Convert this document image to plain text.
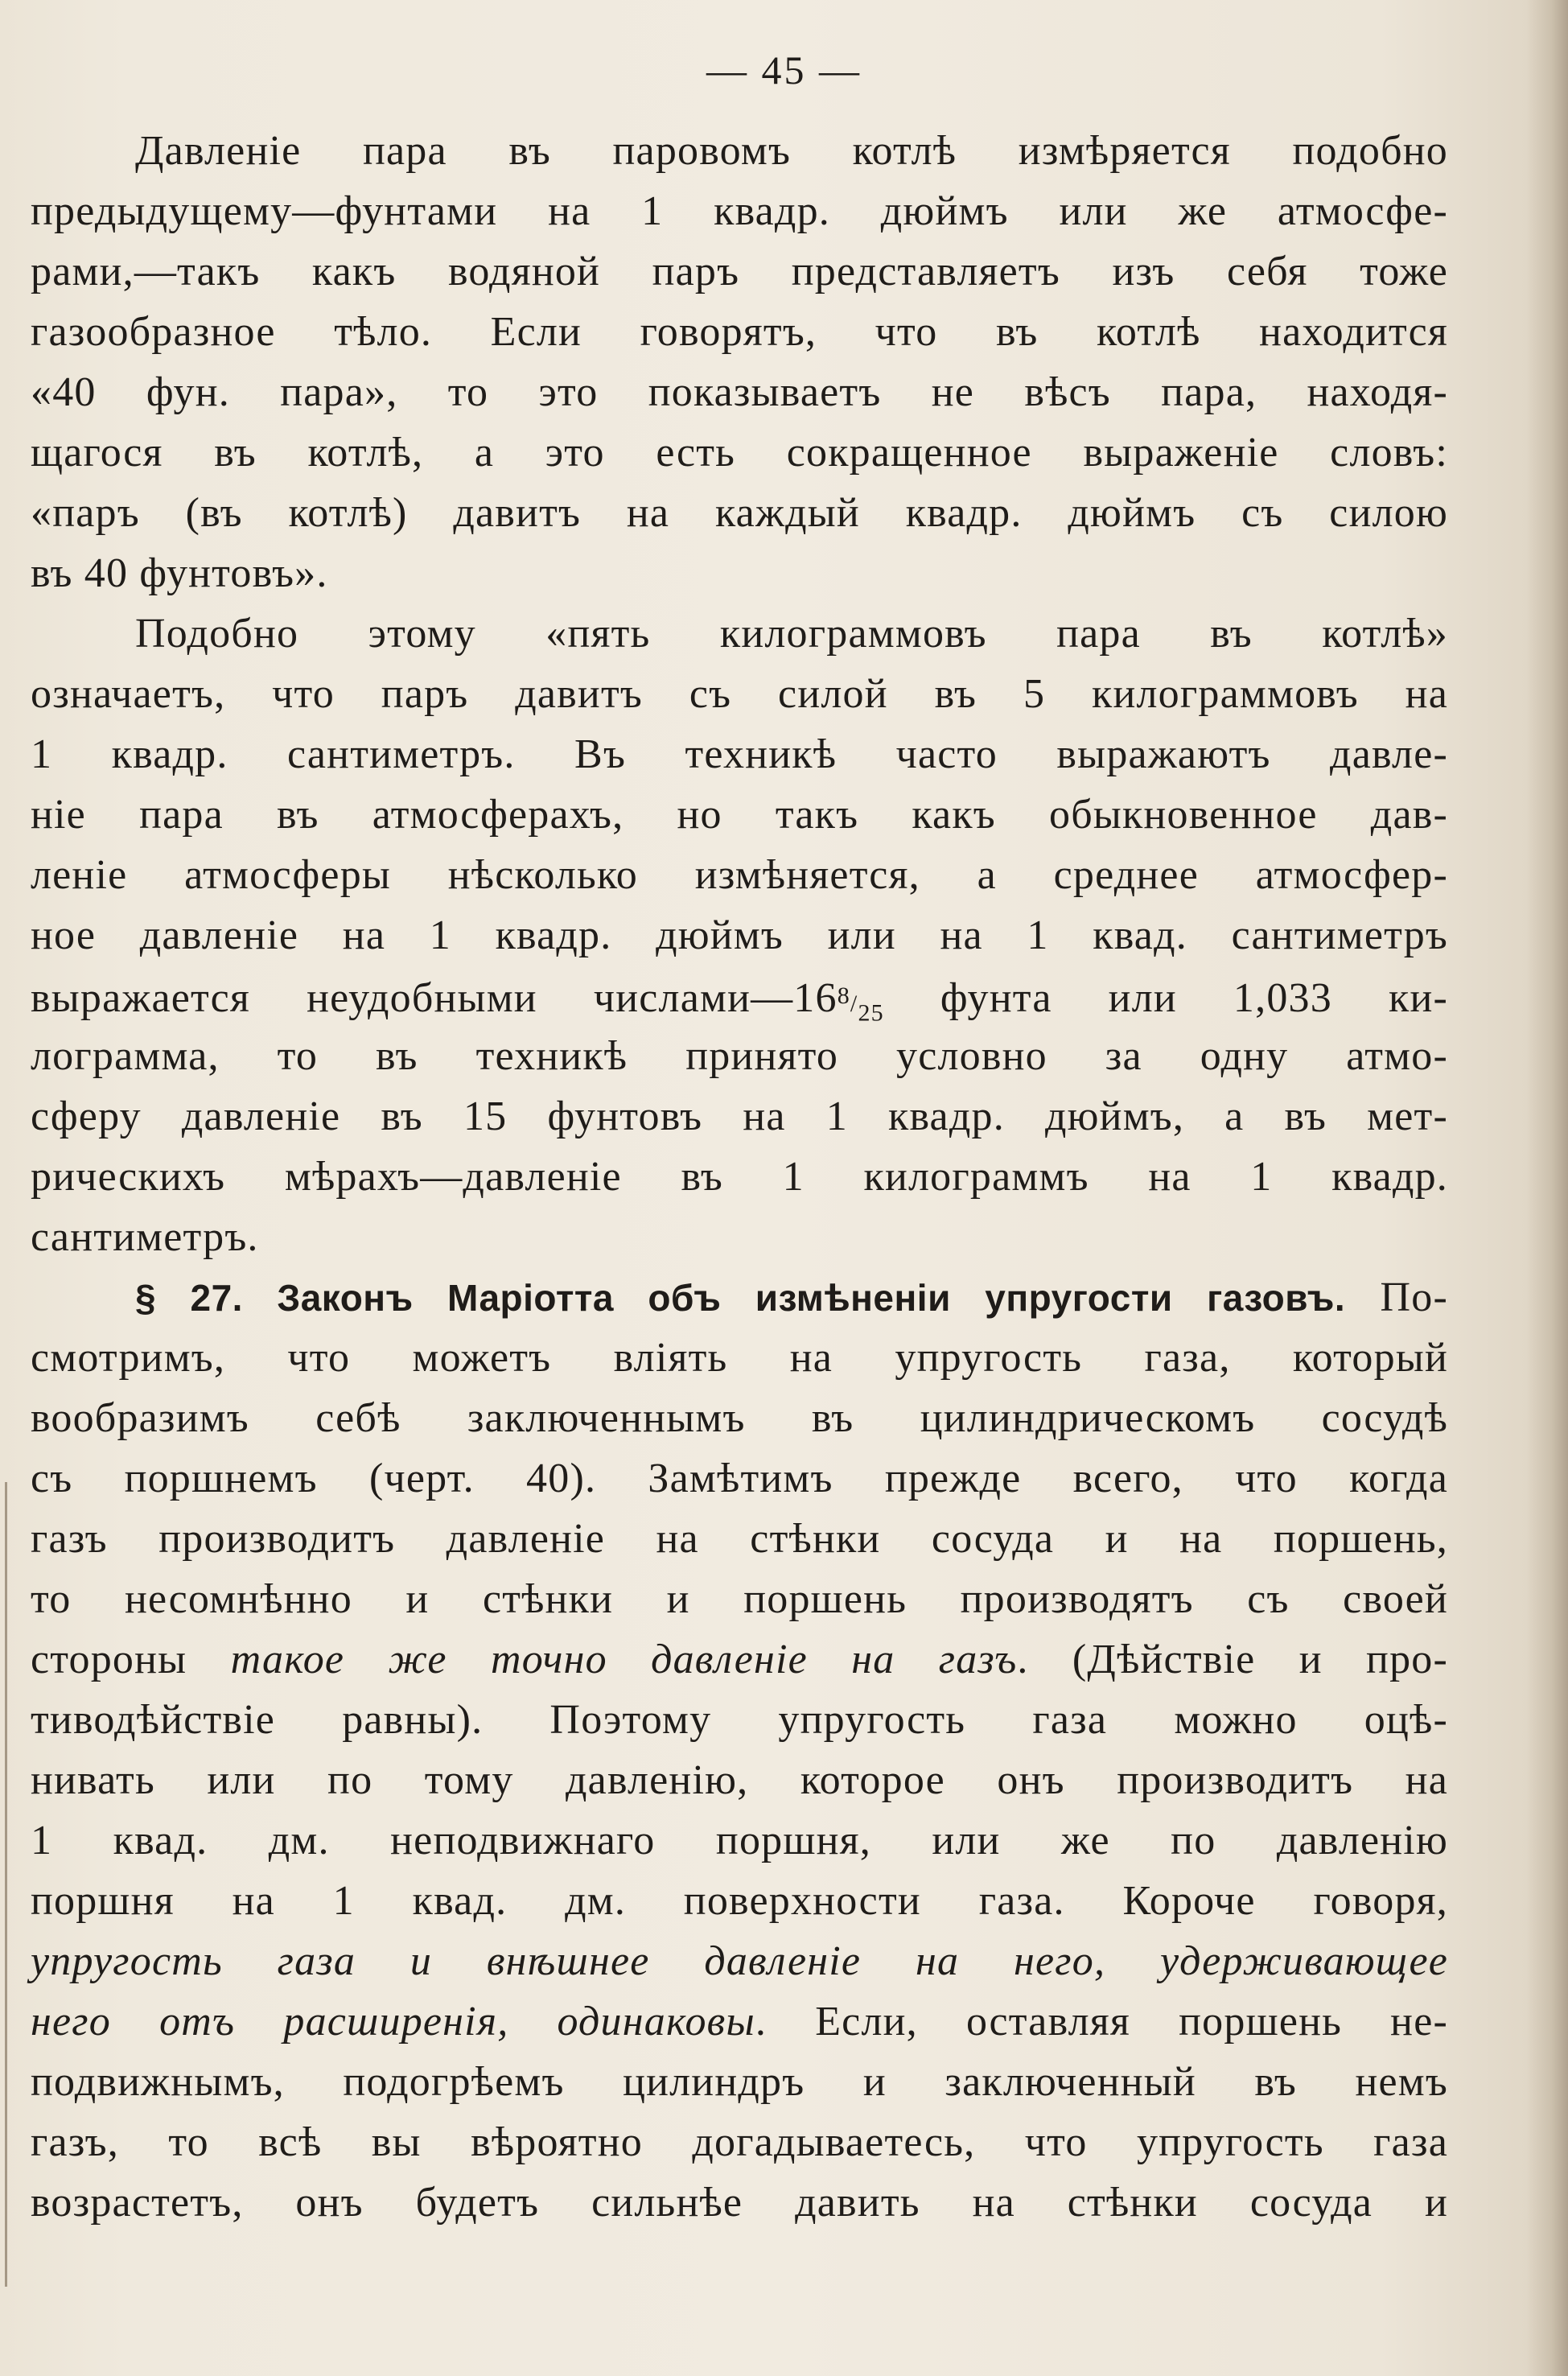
— 45 —
Давленіе пара въ паровомъ котлѣ измѣряется подобно
предыдущему—фунтами на 1 квадр. дюймъ или же атмосфе-
рами,—такъ какъ водяной паръ представляетъ изъ себя тоже
газообразное тѣло. Если говорятъ, что въ котлѣ находится
«40 фун. пара», то это показываетъ не вѣсъ пара, находя-
щагося въ котлѣ, а это есть сокращенное выраженіе словъ:
«паръ (въ котлѣ) давитъ на каждый квадр. дюймъ съ силою
въ 40 фунтовъ».
Подобно этому «пять килограммовъ пара въ котлѣ»
означаетъ, что паръ давитъ съ силой въ 5 килограммовъ на
1 квадр. сантиметръ. Въ техникѣ часто выражаютъ давле-
ніе пара въ атмосферахъ, но такъ какъ обыкновенное дав-
леніе атмосферы нѣсколько измѣняется, а среднее атмосфер-
ное давленіе на 1 квадр. дюймъ или на 1 квад. сантиметръ
выражается неудобными $числами—16^8/_{25}$ фунта или 1,033 ки-
лограмма, то въ техникѣ принято условно за одну атмо-
сферу давленіе въ 15 фунтовъ на 1 квадр. дюймъ, а въ мет-
рическихъ мѣрахъ—давленіе въ 1 килограммъ на 1 квадр.
сантиметръ.
§ 27. Законъ Маріотта объ измѣненіи упругости газовъ. По-
смотримъ, что можетъ вліять на упругость газа, который
вообразимъ себѣ заключеннымъ въ цилиндрическомъ сосудѣ
съ поршнемъ (черт. 40). Замѣтимъ прежде всего, что когда
газъ производитъ давленіе на стѣнки сосуда и на поршень,
то несомнѣнно и стѣнки и поршень производятъ съ своей
стороны такое же точно давленіе на газъ. (Дѣйствіе и про-
тиводѣйствіе равны). Поэтому упругость газа можно оцѣ-
нивать или по тому давленію, которое онъ производитъ на
1 квад. дм. неподвижнаго поршня, или же по давленію
поршня на 1 квад. дм. поверхности газа. Короче говоря,
упругость газа и внѣшнее давленіе на него, удерживающее
него отъ расширенія, одинаковы. Если, оставляя поршень не-
подвижнымъ, подогрѣемъ цилиндръ и заключенный въ немъ
газъ, то всѣ вы вѣроятно догадываетесь, что упругость газа
возрастетъ, онъ будетъ сильнѣе давить на стѣнки сосуда и
